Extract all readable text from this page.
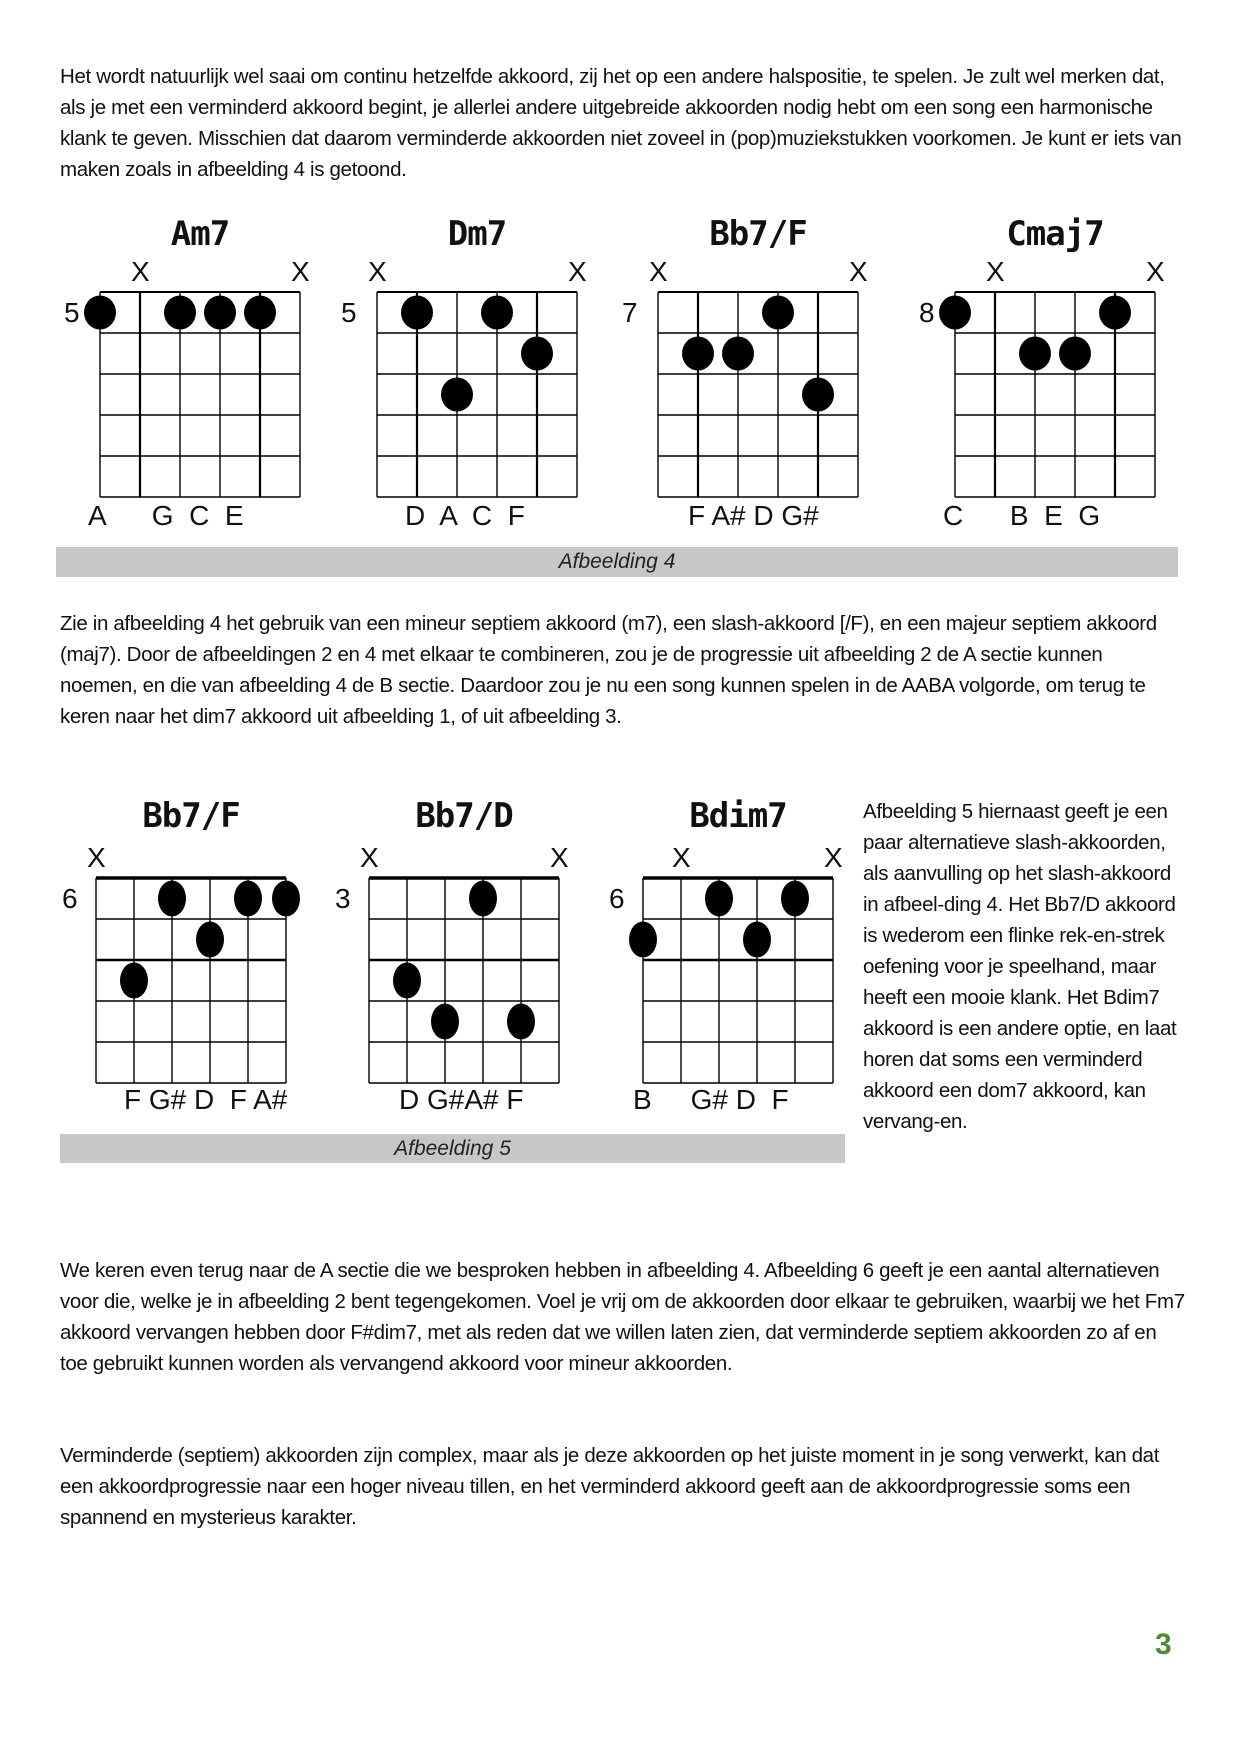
Het wordt natuurlijk wel saai om continu hetzelfde akkoord, zij het op een andere halspositie, te spelen. Je zult wel merken dat, als je met een verminderd akkoord begint, je allerlei andere uitgebreide akkoorden nodig hebt om een song een harmonische klank te geven. Misschien dat daarom verminderde akkoorden niet zoveel in (pop)muziekstukken voorkomen. Je kunt er iets van maken zoals in afbeelding 4 is getoond.

Am7
X	X
5
A      G  C  E
Dm7
X	X
5
D  A  C  F
Bb7/F
X	X
7
F A# D G#
Cmaj7
X	X
8
C      B  E  G
Afbeelding 4

Zie in afbeelding 4 het gebruik van een mineur septiem akkoord (m7), een slash-akkoord [/F), en een majeur septiem akkoord (maj7). Door de afbeeldingen 2 en 4 met elkaar te combineren, zou je de progressie uit afbeelding 2 de A sectie kunnen noemen, en die van afbeelding 4 de B sectie. Daardoor zou je nu een song kunnen spelen in de AABA volgorde, om terug te keren naar het dim7 akkoord uit afbeelding 1, of uit afbeelding 3.

Bb7/F
X
6
F G# D  F A#
Bb7/D
X	X
3
D G#A# F
Bdim7
X	X
6
B     G# D  F
Afbeelding 5

Afbeelding 5 hiernaast geeft je een paar alternatieve slash-akkoorden, als aanvulling op het slash-akkoord in afbeel-ding 4. Het Bb7/D akkoord is wederom een flinke rek-en-strek oefening voor je speelhand, maar heeft een mooie klank. Het Bdim7 akkoord is een andere optie, en laat horen dat soms een verminderd akkoord een dom7 akkoord, kan vervang-en.

We keren even terug naar de A sectie die we besproken hebben in afbeelding 4. Afbeelding 6 geeft je een aantal alternatieven voor die, welke je in afbeelding 2 bent tegengekomen. Voel je vrij om de akkoorden door elkaar te gebruiken, waarbij we het Fm7 akkoord vervangen hebben door F#dim7, met als reden dat we willen laten zien, dat verminderde septiem akkoorden zo af en toe gebruikt kunnen worden als vervangend akkoord voor mineur akkoorden.

Verminderde (septiem) akkoorden zijn complex, maar als je deze akkoorden op het juiste moment in je song verwerkt, kan dat een akkoordprogressie naar een hoger niveau tillen, en het verminderd akkoord geeft aan de akkoordprogressie soms een spannend en mysterieus karakter.

3
